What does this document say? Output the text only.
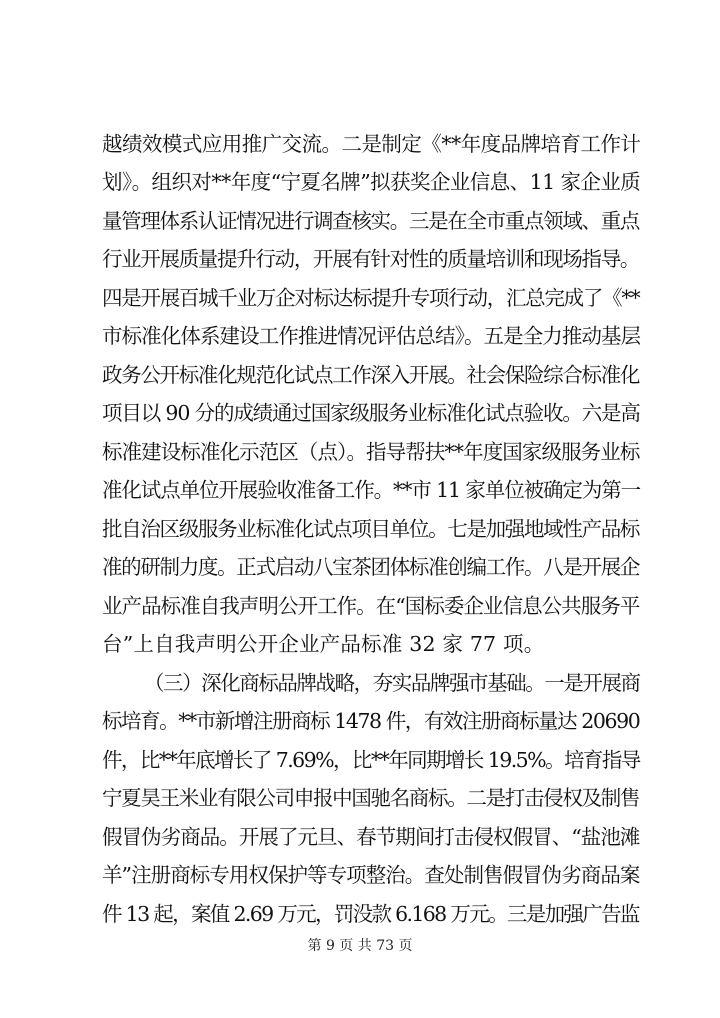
越绩效模式应用推广交流。二是制定《**年度品牌培育工作计
划》。组织对**年度“宁夏名牌”拟获奖企业信息、11 家企业质
量管理体系认证情况进行调查核实。三是在全市重点领域、重点
行业开展质量提升行动，开展有针对性的质量培训和现场指导。
四是开展百城千业万企对标达标提升专项行动，汇总完成了《**
市标准化体系建设工作推进情况评估总结》。五是全力推动基层
政务公开标准化规范化试点工作深入开展。社会保险综合标准化
项目以 90 分的成绩通过国家级服务业标准化试点验收。六是高
标准建设标准化示范区（点）。指导帮扶**年度国家级服务业标
准化试点单位开展验收准备工作。**市 11 家单位被确定为第一
批自治区级服务业标准化试点项目单位。七是加强地域性产品标
准的研制力度。正式启动八宝茶团体标准创编工作。八是开展企
业产品标准自我声明公开工作。在“国标委企业信息公共服务平
台”上自我声明公开企业产品标准 32 家 77 项。
（三）深化商标品牌战略，夯实品牌强市基础。一是开展商
标培育。**市新增注册商标 1478 件，有效注册商标量达 20690
件，比**年底增长了 7.69%，比**年同期增长 19.5%。培育指导
宁夏昊王米业有限公司申报中国驰名商标。二是打击侵权及制售
假冒伪劣商品。开展了元旦、春节期间打击侵权假冒、“盐池滩
羊”注册商标专用权保护等专项整治。查处制售假冒伪劣商品案
件 13 起，案值 2.69 万元，罚没款 6.168 万元。三是加强广告监
第 9 页 共 73 页
